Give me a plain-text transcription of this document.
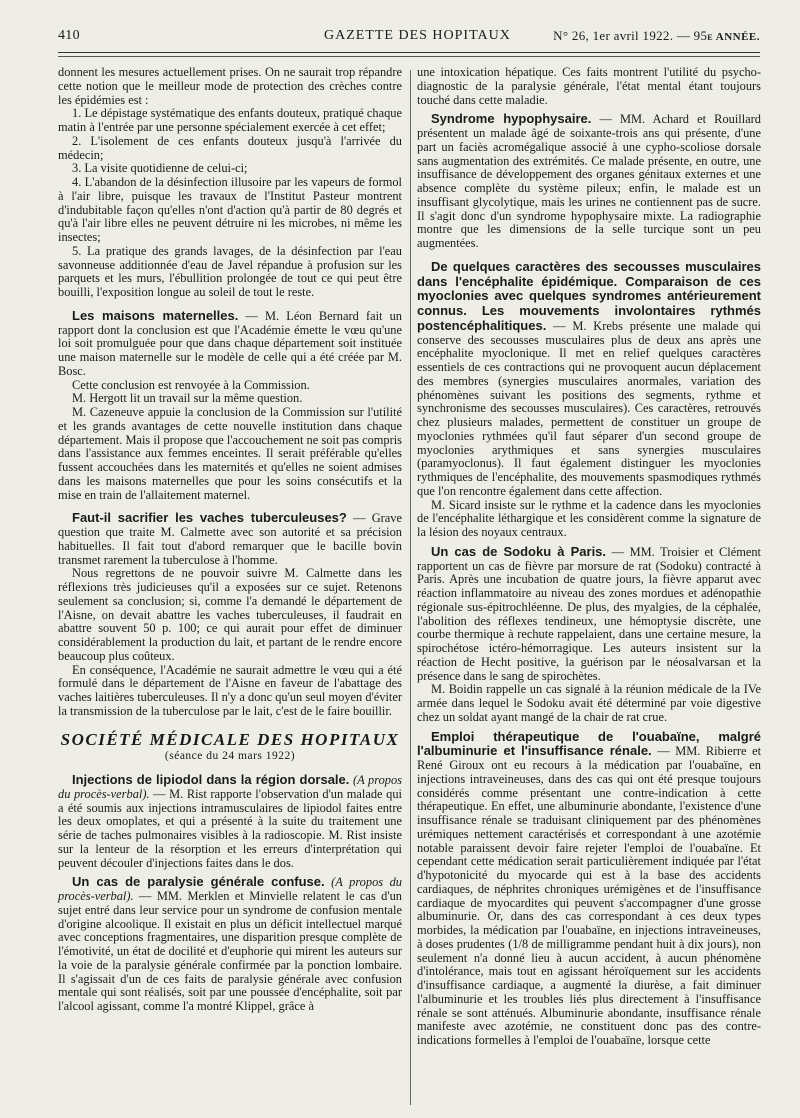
410	GAZETTE DES HOPITAUX	N° 26, 1er avril 1922. — 95e ANNÉE.

donnent les mesures actuellement prises. On ne saurait trop répandre cette notion que le meilleur mode de protection des crèches contre les épidémies est :

1. Le dépistage systématique des enfants douteux, pratiqué chaque matin à l'entrée par une personne spécialement exercée à cet effet;

2. L'isolement de ces enfants douteux jusqu'à l'arrivée du médecin;

3. La visite quotidienne de celui-ci;

4. L'abandon de la désinfection illusoire par les vapeurs de formol à l'air libre, puisque les travaux de l'Institut Pasteur montrent d'indubitable façon qu'elles n'ont d'action qu'à partir de 80 degrés et qu'à l'air libre elles ne peuvent détruire ni les microbes, ni même les insectes;

5. La pratique des grands lavages, de la désinfection par l'eau savonneuse additionnée d'eau de Javel répandue à profusion sur les parquets et les murs, l'ébullition prolongée de tout ce qui peut être bouilli, l'exposition longue au soleil de tout le reste.

Les maisons maternelles. — M. Léon Bernard fait un rapport dont la conclusion est que l'Académie émette le vœu qu'une loi soit promulguée pour que dans chaque département soit instituée une maison maternelle sur le modèle de celle qui a été créée par M. Bosc.

Cette conclusion est renvoyée à la Commission.

M. Hergott lit un travail sur la même question.

M. Cazeneuve appuie la conclusion de la Commission sur l'utilité et les grands avantages de cette nouvelle institution dans chaque département. Mais il propose que l'accouchement ne soit pas compris dans l'assistance aux femmes enceintes. Il serait préférable qu'elles fussent accouchées dans les maternités et qu'elles ne soient admises dans les maisons maternelles que pour les soins consécutifs et la mise en train de l'allaitement maternel.

Faut-il sacrifier les vaches tuberculeuses? — Grave question que traite M. Calmette avec son autorité et sa précision habituelles. Il fait tout d'abord remarquer que le bacille bovin transmet rarement la tuberculose à l'homme.

Nous regrettons de ne pouvoir suivre M. Calmette dans les réflexions très judicieuses qu'il a exposées sur ce sujet. Retenons seulement sa conclusion; si, comme l'a demandé le département de l'Aisne, on devait abattre les vaches tuberculeuses, il faudrait en abattre souvent 50 p. 100; ce qui aurait pour effet de diminuer considérablement la production du lait, et partant de le rendre encore beaucoup plus coûteux.

En conséquence, l'Académie ne saurait admettre le vœu qui a été formulé dans le département de l'Aisne en faveur de l'abattage des vaches laitières tuberculeuses. Il n'y a donc qu'un seul moyen d'éviter la transmission de la tuberculose par le lait, c'est de le faire bouillir.

SOCIÉTÉ MÉDICALE DES HOPITAUX
(séance du 24 mars 1922)

Injections de lipiodol dans la région dorsale. (A propos du procès-verbal). — M. Rist rapporte l'observation d'un malade qui a été soumis aux injections intramusculaires de lipiodol faites entre les deux omoplates, et qui a présenté à la suite du traitement une série de taches pulmonaires visibles à la radioscopie. M. Rist insiste sur la lenteur de la résorption et les erreurs d'interprétation qui peuvent découler d'injections faites dans le dos.

Un cas de paralysie générale confuse. (A propos du procès-verbal). — MM. Merklen et Minvielle relatent le cas d'un sujet entré dans leur service pour un syndrome de confusion mentale d'origine alcoolique. Il existait en plus un déficit intellectuel marqué avec conceptions fragmentaires, une disparition presque complète de l'émotivité, un état de docilité et d'euphorie qui mirent les auteurs sur la voie de la paralysie générale confirmée par la ponction lombaire. Il s'agissait d'un de ces faits de paralysie générale avec confusion mentale qui sont réalisés, soit par une poussée d'encéphalite, soit par l'alcool agissant, comme l'a montré Klippel, grâce à

une intoxication hépatique. Ces faits montrent l'utilité du psycho-diagnostic de la paralysie générale, l'état mental étant toujours touché dans cette maladie.

Syndrome hypophysaire. — MM. Achard et Rouillard présentent un malade âgé de soixante-trois ans qui présente, d'une part un faciès acromégalique associé à une cypho-scoliose dorsale sans augmentation des extrémités. Ce malade présente, en outre, une insuffisance de développement des organes génitaux externes et une absence complète du système pileux; enfin, le malade est un insuffisant glycolytique, mais les urines ne contiennent pas de sucre. Il s'agit donc d'un syndrome hypophysaire mixte. La radiographie montre que les dimensions de la selle turcique sont un peu augmentées.

De quelques caractères des secousses musculaires dans l'encéphalite épidémique. Comparaison de ces myoclonies avec quelques syndromes antérieurement connus. Les mouvements involontaires rythmés postencéphalitiques. — M. Krebs présente une malade qui conserve des secousses musculaires plus de deux ans après une encéphalite myoclonique. Il met en relief quelques caractères essentiels de ces contractions qui ne provoquent aucun déplacement des membres (synergies musculaires anormales, variation des phénomènes suivant les positions des segments, rythme et synchronisme des secousses musculaires). Ces caractères, retrouvés chez plusieurs malades, permettent de constituer un groupe de myoclonies rythmées qu'il faut séparer d'un second groupe de myoclonies arythmiques et sans synergies musculaires (paramyoclonus). Il faut également distinguer les myoclonies rythmiques de l'encéphalite, des mouvements spasmodiques rythmés que l'on rencontre également dans cette affection.

M. Sicard insiste sur le rythme et la cadence dans les myoclonies de l'encéphalite léthargique et les considèrent comme la signature de la lésion des noyaux centraux.

Un cas de Sodoku à Paris. — MM. Troisier et Clément rapportent un cas de fièvre par morsure de rat (Sodoku) contracté à Paris. Après une incubation de quatre jours, la fièvre apparut avec réaction inflammatoire au niveau des zones mordues et adénopathie régionale sus-épitrochléenne. De plus, des myalgies, de la céphalée, l'abolition des réflexes tendineux, une hémoptysie discrète, une courbe thermique à rechute rappelaient, dans une certaine mesure, la spirochétose ictéro-hémorragique. Les auteurs insistent sur la réaction de Hecht positive, la guérison par le néosalvarsan et la présence dans le sang de spirochètes.

M. Boidin rappelle un cas signalé à la réunion médicale de la IVe armée dans lequel le Sodoku avait été déterminé par voie digestive chez un soldat ayant mangé de la chair de rat crue.

Emploi thérapeutique de l'ouabaïne, malgré l'albuminurie et l'insuffisance rénale. — MM. Ribierre et René Giroux ont eu recours à la médication par l'ouabaïne, en injections intraveineuses, dans des cas qui ont été presque toujours considérés comme présentant une contre-indication à cette thérapeutique. En effet, une albuminurie abondante, l'existence d'une insuffisance rénale se traduisant cliniquement par des phénomènes urémiques nettement caractérisés et correspondant à une azotémie notable paraissent devoir faire rejeter l'emploi de l'ouabaïne. Et cependant cette médication serait particulièrement indiquée par l'état d'hypotonicité du myocarde qui est à la base des accidents cardiaques, de néphrites chroniques urémigènes et de l'insuffisance cardiaque de myocardites qui peuvent s'accompagner d'une grosse albuminurie. Or, dans des cas correspondant à ces deux types morbides, la médication par l'ouabaïne, en injections intraveineuses, à doses prudentes (1/8 de milligramme pendant huit à dix jours), non seulement n'a donné lieu à aucun accident, à aucun phénomène d'intolérance, mais tout en agissant héroïquement sur les accidents d'insuffisance cardiaque, a augmenté la diurèse, a fait diminuer l'albuminurie et les troubles liés plus directement à l'insuffisance rénale se sont atténués. Albuminurie abondante, insuffisance rénale manifeste avec azotémie, ne constituent donc pas des contre-indications formelles à l'emploi de l'ouabaïne, lorsque cette
